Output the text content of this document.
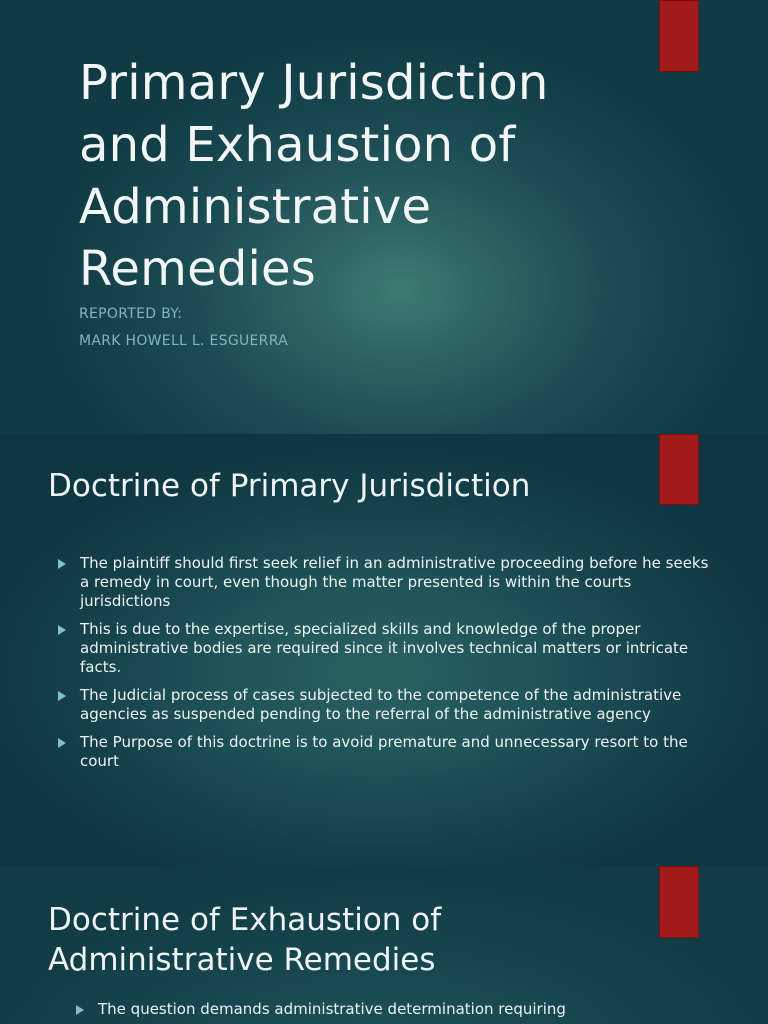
Primary Jurisdiction and Exhaustion of Administrative Remedies

REPORTED BY:

MARK HOWELL L. ESGUERRA

Doctrine of Primary Jurisdiction
The plaintiff should first seek relief in an administrative proceeding before he seeks a remedy in court, even though the matter presented is within the courts jurisdictions
This is due to the expertise, specialized skills and knowledge of the proper administrative bodies are required since it involves technical matters or intricate facts.
The Judicial process of cases subjected to the competence of the administrative agencies as suspended pending to the referral of the administrative agency
The Purpose of this doctrine is to avoid premature and unnecessary resort to the court
Doctrine of Exhaustion of Administrative Remedies
The question demands administrative determination requiring
